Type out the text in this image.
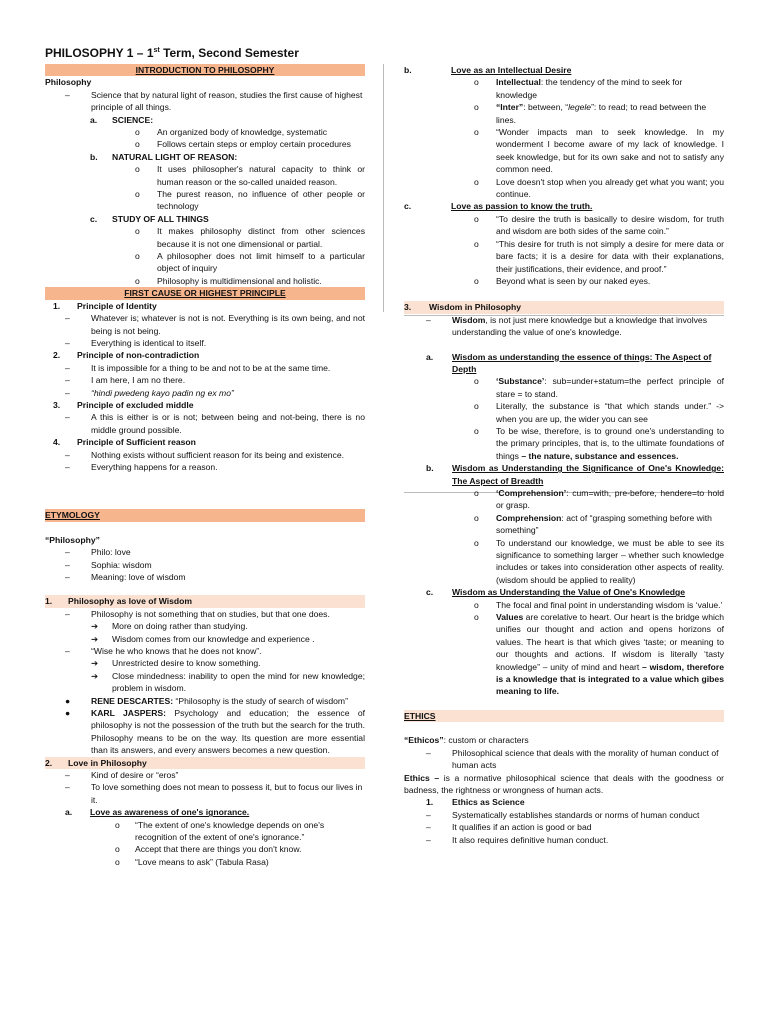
PHILOSOPHY 1 – 1st Term, Second Semester
INTRODUCTION TO PHILOSOPHY
Philosophy
–	Science that by natural light of reason, studies the first cause of highest principle of all things.
a.	SCIENCE:
o	An organized body of knowledge, systematic
o	Follows certain steps or employ certain procedures
b.	NATURAL LIGHT OF REASON:
o	It uses philosopher's natural capacity to think or human reason or the so-called unaided reason.
o	The purest reason, no influence of other people or technology
c.	STUDY OF ALL THINGS
o	It makes philosophy distinct from other sciences because it is not one dimensional or partial.
o	A philosopher does not limit himself to a particular object of inquiry
o	Philosophy is multidimensional and holistic.
FIRST CAUSE OR HIGHEST PRINCIPLE
1.	Principle of Identity
–	Whatever is; whatever is not is not. Everything is its own being, and not being is not being.
–	Everything is identical to itself.
2.	Principle of non-contradiction
–	It is impossible for a thing to be and not to be at the same time.
–	I am here, I am no there.
–	“hindi pwedeng kayo padin ng ex mo”
3.	Principle of excluded middle
–	A this is either is or is not; between being and not-being, there is no middle ground possible.
4.	Principle of Sufficient reason
–	Nothing exists without sufficient reason for its being and existence.
–	Everything happens for a reason.
ETYMOLOGY
“Philosophy”
–	Philo: love
–	Sophia: wisdom
–	Meaning: love of wisdom
1.	Philosophy as love of Wisdom
–	Philosophy is not something that on studies, but that one does.
➔	More on doing rather than studying.
➔	Wisdom comes from our knowledge and experience .
–	“Wise he who knows that he does not know”.
➔	Unrestricted desire to know something.
➔	Close mindedness: inability to open the mind for new knowledge; problem in wisdom.
●	RENE DESCARTES: “Philosophy is the study of search of wisdom”
●	KARL JASPERS: Psychology and education; the essence of philosophy is not the possession of the truth but the search for the truth. Philosophy means to be on the way. Its question are more essential than its answers, and every answers becomes a new question.
2.	Love in Philosophy
–	Kind of desire or “eros”
–	To love something does not mean to possess it, but to focus our lives in it.
a.	Love as awareness of one's ignorance.
o	“The extent of one's knowledge depends on one's recognition of the extent of one's ignorance.”
o	Accept that there are things you don't know.
o	“Love means to ask” (Tabula Rasa)
b.	Love as an Intellectual Desire
o	Intellectual: the tendency of the mind to seek for knowledge
o	“Inter”: between, “legele”: to read; to read between the lines.
o	“Wonder impacts man to seek knowledge. In my wonderment I become aware of my lack of knowledge. I seek knowledge, but for its own sake and not to satisfy any common need.
o	Love doesn't stop when you already get what you want; you continue.
c.	Love as passion to know the truth.
o	“To desire the truth is basically to desire wisdom, for truth and wisdom are both sides of the same coin.”
o	“This desire for truth is not simply a desire for mere data or bare facts; it is a desire for data with their explanations, their justifications, their evidence, and proof.”
o	Beyond what is seen by our naked eyes.
3.	Wisdom in Philosophy
–	Wisdom, is not just mere knowledge but a knowledge that involves understanding the value of one's knowledge.
a.	Wisdom as understanding the essence of things: The Aspect of Depth
o	‘Substance’: sub=under+statum=the perfect principle of stare = to stand.
o	Literally, the substance is “that which stands under.” -> when you are up, the wider you can see
o	To be wise, therefore, is to ground one's understanding to the primary principles, that is, to the ultimate foundations of things – the nature, substance and essences.
b.	Wisdom as Understanding the Significance of One's Knowledge: The Aspect of Breadth
o	‘Comprehension’: cum=with, pre-before, hendere=to hold or grasp.
o	Comprehension: act of “grasping something before with something”
o	To understand our knowledge, we must be able to see its significance to something larger – whether such knowledge includes or takes into consideration other aspects of reality. (wisdom should be applied to reality)
c.	Wisdom as Understanding the Value of One's Knowledge
o	The focal and final point in understanding wisdom is ‘value.’
o	Values are corelative to heart. Our heart is the bridge which unifies our thought and action and opens horizons of values. The heart is that which gives ‘taste; or meaning to our thoughts and actions. If wisdom is literally ‘tasty knowledge” – unity of mind and heart – wisdom, therefore is a knowledge that is integrated to a value which gibes meaning to life.
ETHICS
“Ethicos”: custom or characters
–	Philosophical science that deals with the morality of human conduct of human acts
Ethics – is a normative philosophical science that deals with the goodness or badness, the rightness or wrongness of human acts.
1.	Ethics as Science
–	Systematically establishes standards or norms of human conduct
–	It qualifies if an action is good or bad
–	It also requires definitive human conduct.
